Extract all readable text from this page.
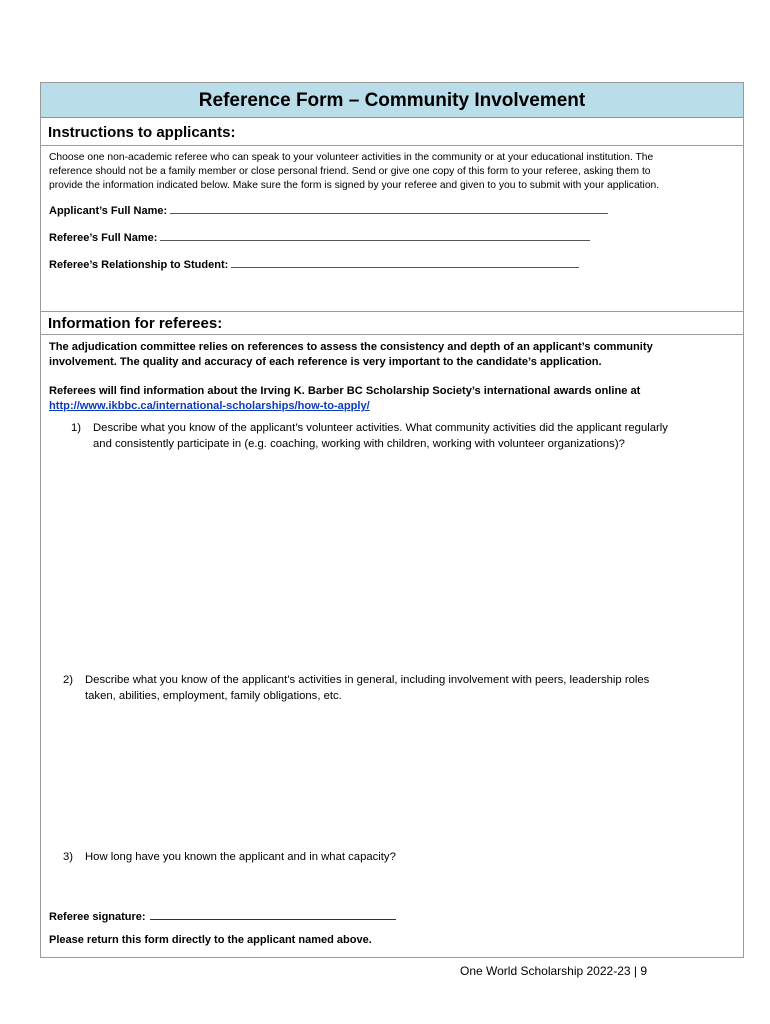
Reference Form – Community Involvement
Instructions to applicants:
Choose one non-academic referee who can speak to your volunteer activities in the community or at your educational institution. The
reference should not be a family member or close personal friend. Send or give one copy of this form to your referee, asking them to
provide the information indicated below. Make sure the form is signed by your referee and given to you to submit with your application.
Applicant’s Full Name:
Referee’s Full Name:
Referee’s Relationship to Student:
Information for referees:
The adjudication committee relies on references to assess the consistency and depth of an applicant’s community
involvement. The quality and accuracy of each reference is very important to the candidate’s application.
Referees will find information about the Irving K. Barber BC Scholarship Society’s international awards online at
http://www.ikbbc.ca/international-scholarships/how-to-apply/
1) Describe what you know of the applicant’s volunteer activities. What community activities did the applicant regularly
and consistently participate in (e.g. coaching, working with children, working with volunteer organizations)?
2) Describe what you know of the applicant’s activities in general, including involvement with peers, leadership roles
taken, abilities, employment, family obligations, etc.
3) How long have you known the applicant and in what capacity?
Referee signature:
Please return this form directly to the applicant named above.
One World Scholarship 2022-23 | 9
